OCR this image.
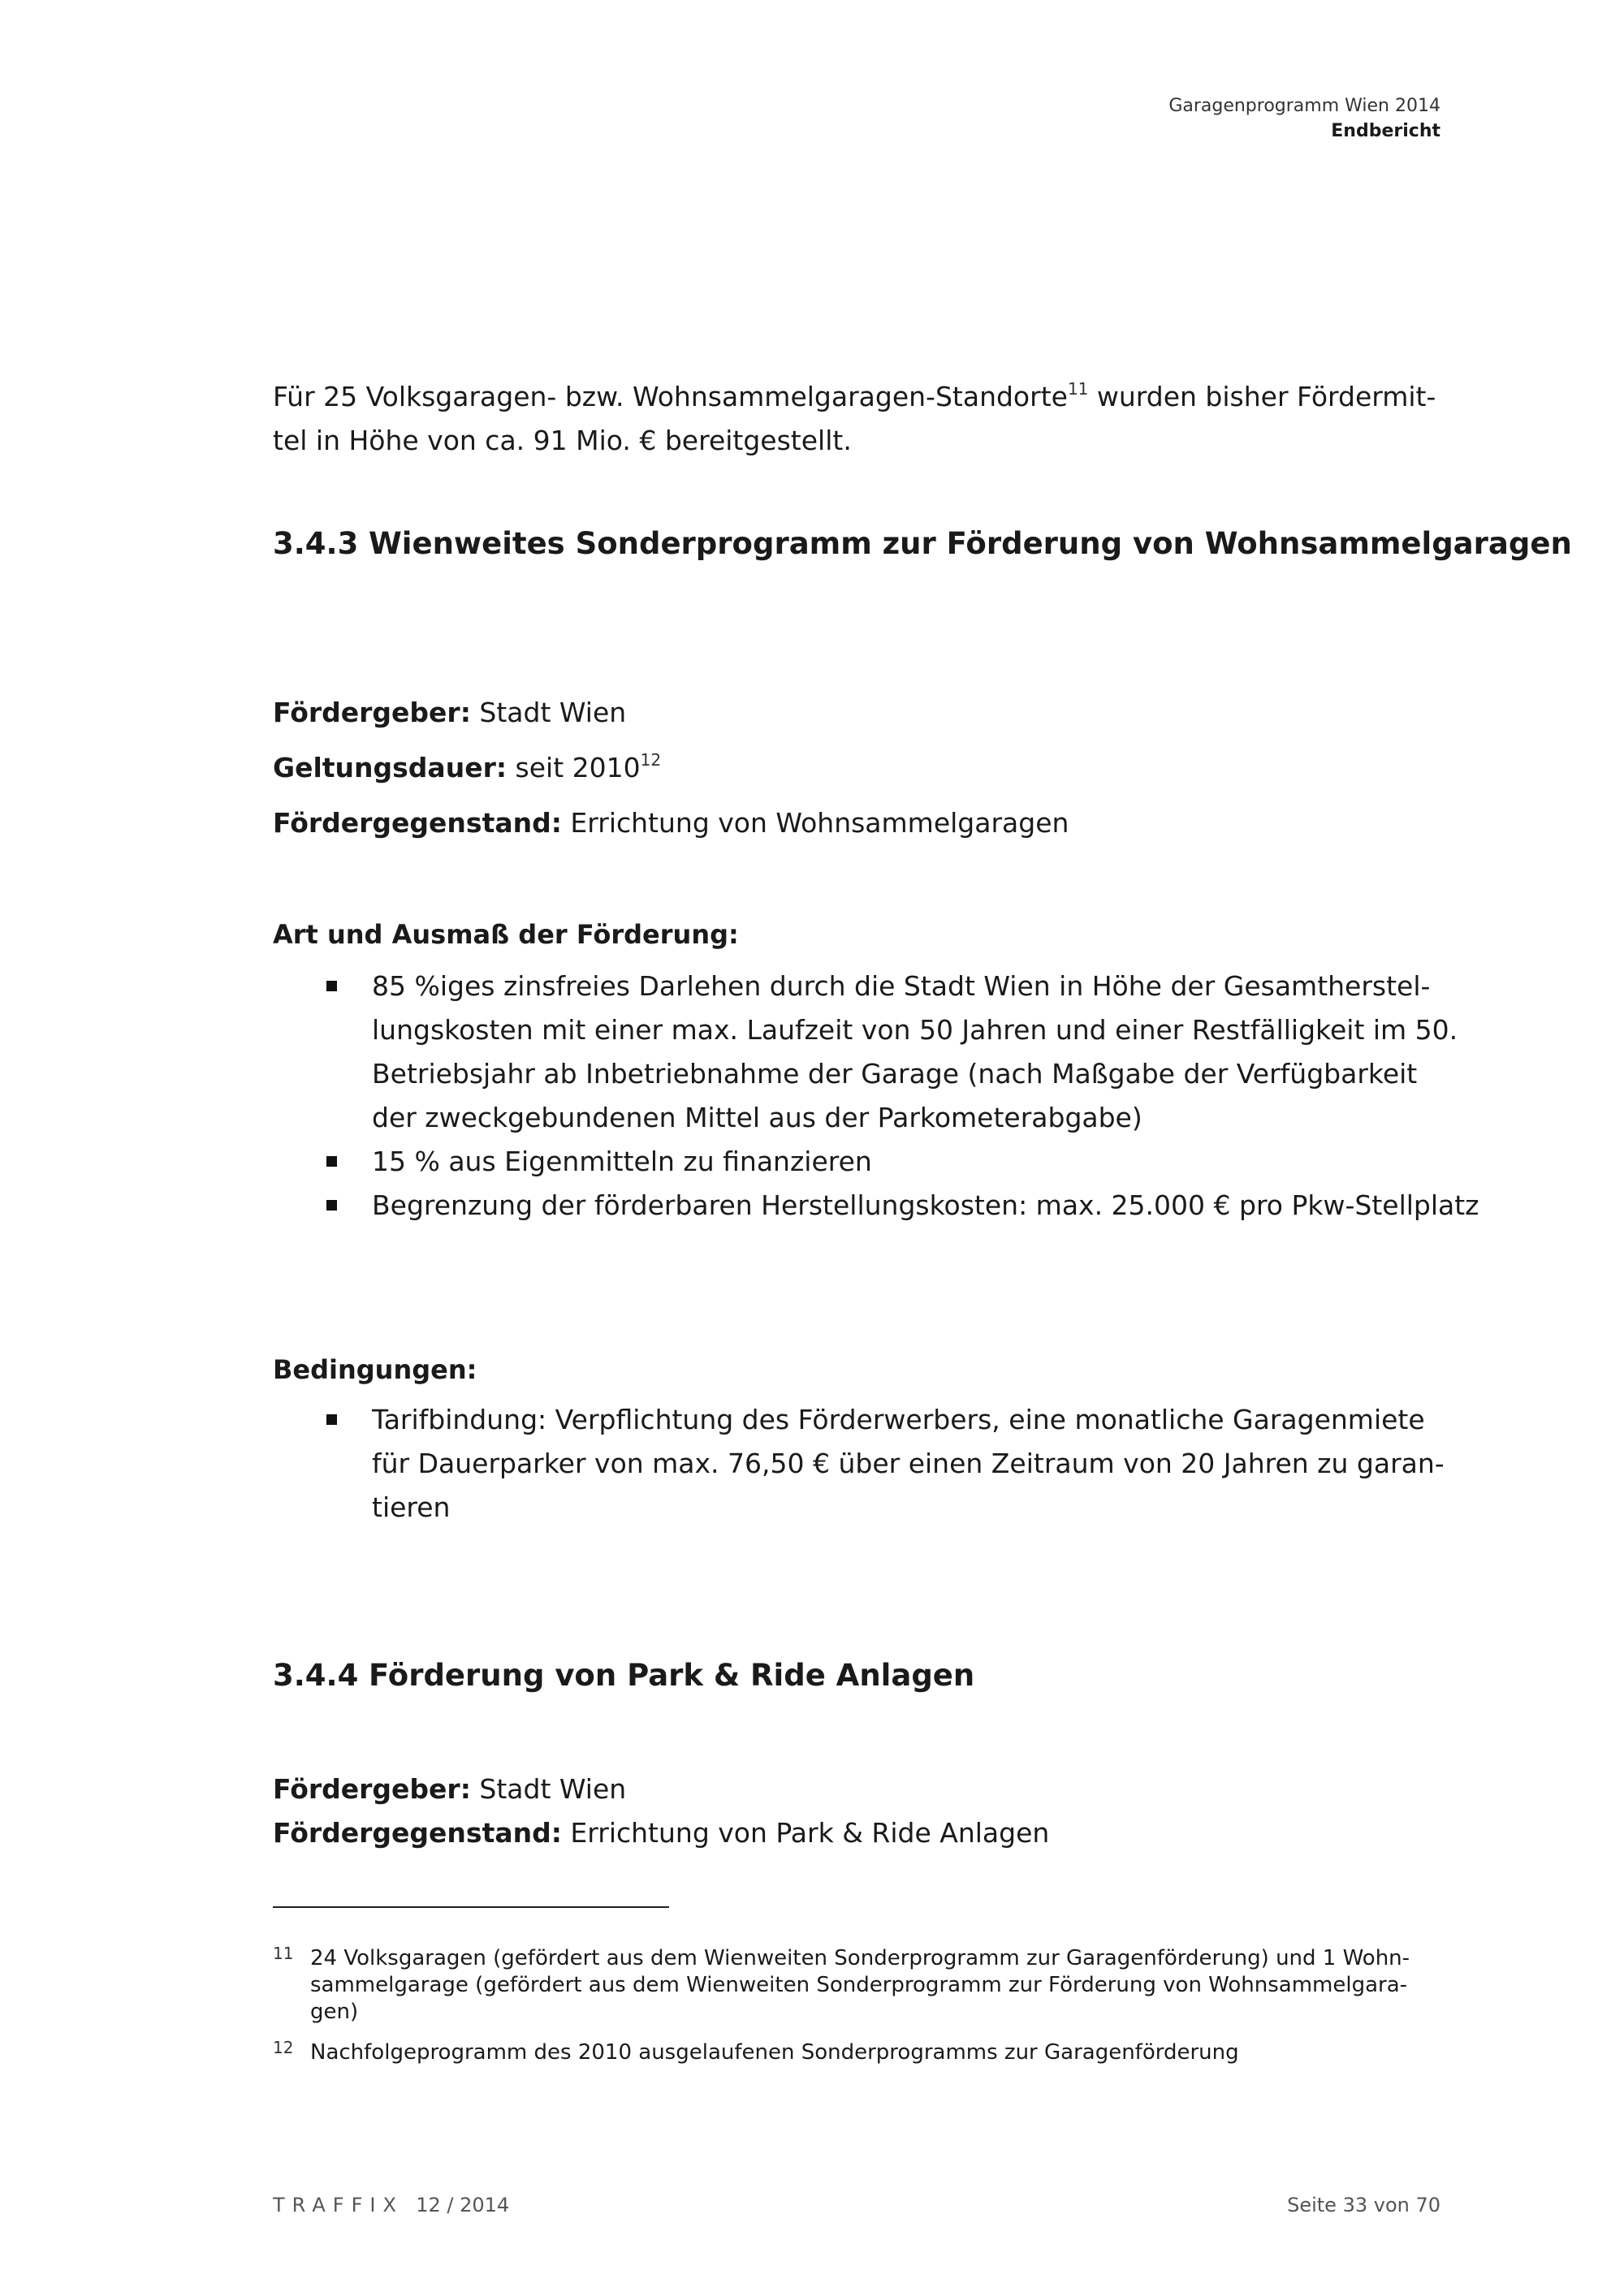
Garagenprogramm Wien 2014
Endbericht
Für 25 Volksgaragen- bzw. Wohnsammelgaragen-Standorte$^{11}$ wurden bisher Fördermit-
tel in Höhe von ca. 91 Mio. € bereitgestellt.
3.4.3 Wienweites Sonderprogramm zur Förderung von Wohnsammelgaragen
Fördergeber: Stadt Wien
Geltungsdauer: seit 2010$^{12}$
Fördergegenstand: Errichtung von Wohnsammelgaragen
Art und Ausmaß der Förderung:
85 %iges zinsfreies Darlehen durch die Stadt Wien in Höhe der Gesamtherstel-
lungskosten mit einer max. Laufzeit von 50 Jahren und einer Restfälligkeit im 50.
Betriebsjahr ab Inbetriebnahme der Garage (nach Maßgabe der Verfügbarkeit
der zweckgebundenen Mittel aus der Parkometerabgabe)
15 % aus Eigenmitteln zu finanzieren
Begrenzung der förderbaren Herstellungskosten: max. 25.000 € pro Pkw-Stellplatz
Bedingungen:
Tarifbindung: Verpflichtung des Förderwerbers, eine monatliche Garagenmiete
für Dauerparker von max. 76,50 € über einen Zeitraum von 20 Jahren zu garan-
tieren
3.4.4 Förderung von Park & Ride Anlagen
Fördergeber: Stadt Wien
Fördergegenstand: Errichtung von Park & Ride Anlagen
11 24 Volksgaragen (gefördert aus dem Wienweiten Sonderprogramm zur Garagenförderung) und 1 Wohn-
sammelgarage (gefördert aus dem Wienweiten Sonderprogramm zur Förderung von Wohnsammelgara-
gen)
12 Nachfolgeprogramm des 2010 ausgelaufenen Sonderprogramms zur Garagenförderung
TRAFFIX 12 / 2014	Seite 33 von 70
